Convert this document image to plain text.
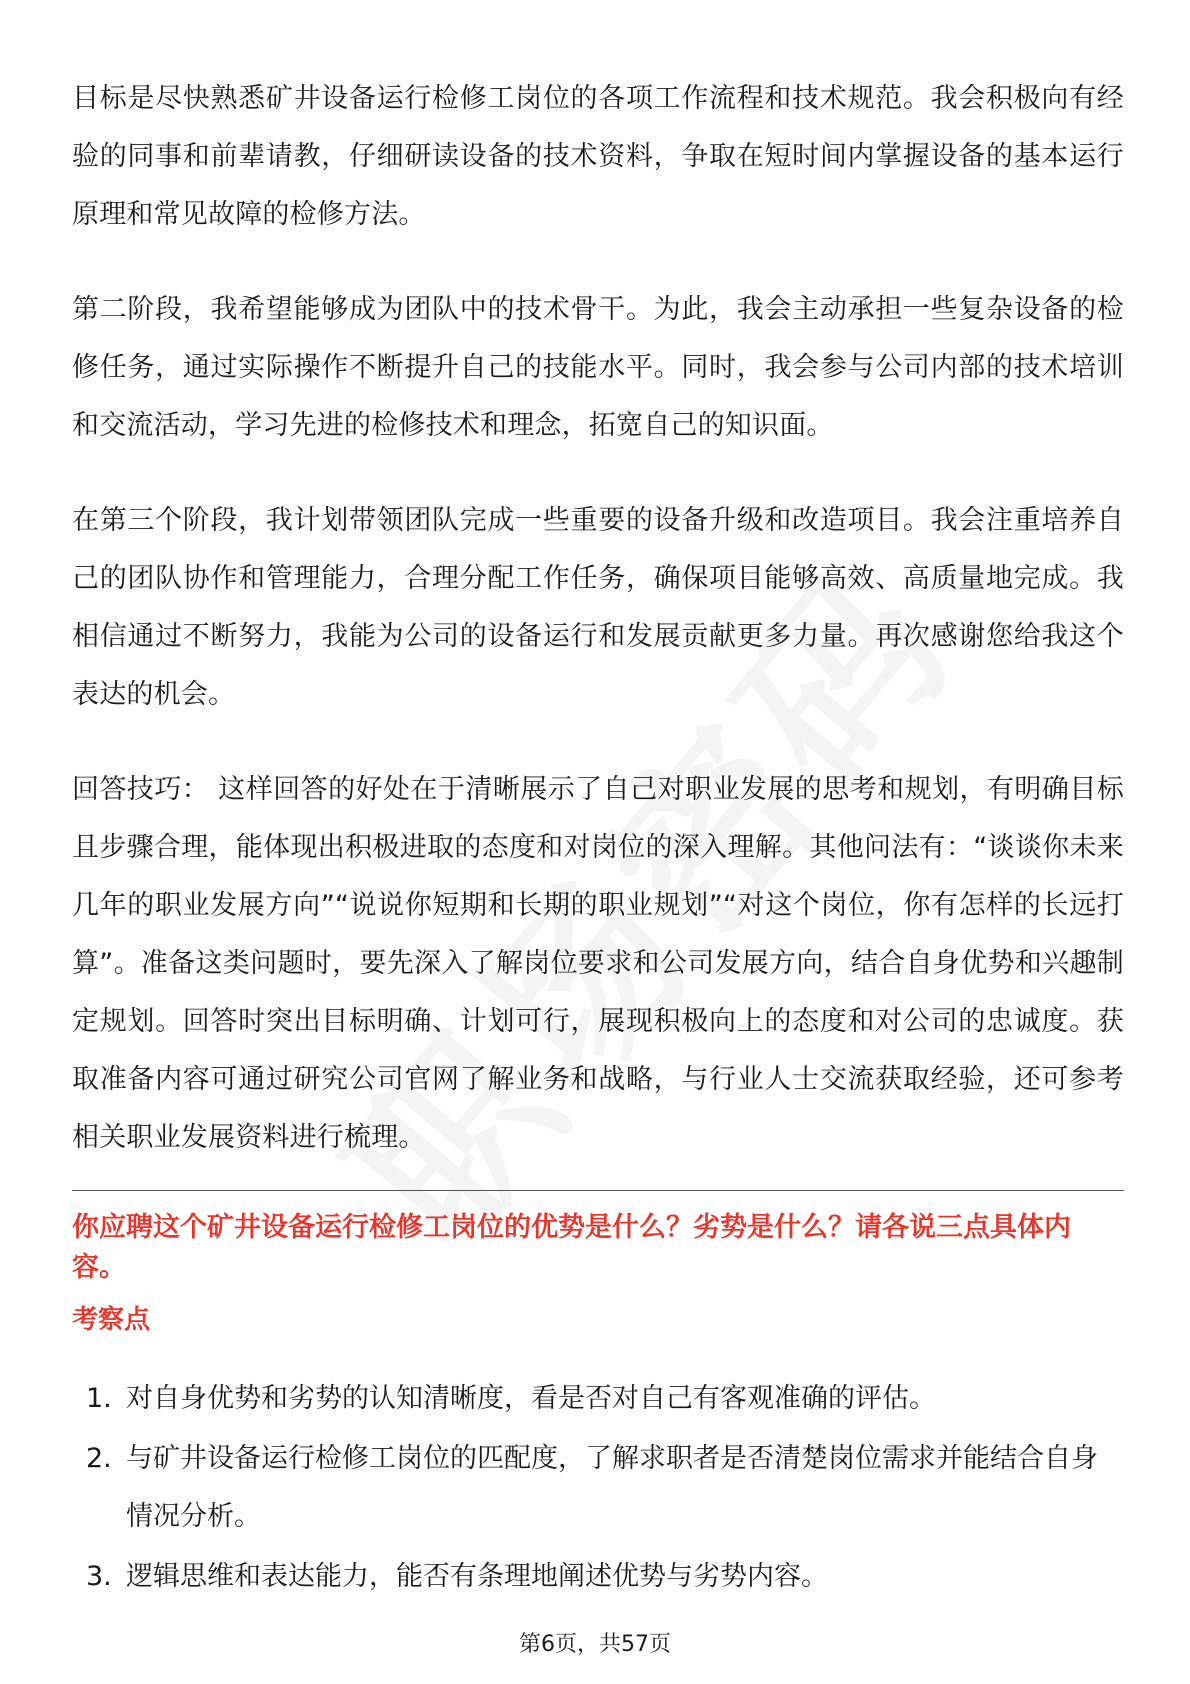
目标是尽快熟悉矿井设备运行检修工岗位的各项工作流程和技术规范。我会积极向有经验的同事和前辈请教，仔细研读设备的技术资料，争取在短时间内掌握设备的基本运行原理和常见故障的检修方法。

第二阶段，我希望能够成为团队中的技术骨干。为此，我会主动承担一些复杂设备的检修任务，通过实际操作不断提升自己的技能水平。同时，我会参与公司内部的技术培训和交流活动，学习先进的检修技术和理念，拓宽自己的知识面。

在第三个阶段，我计划带领团队完成一些重要的设备升级和改造项目。我会注重培养自己的团队协作和管理能力，合理分配工作任务，确保项目能够高效、高质量地完成。我相信通过不断努力，我能为公司的设备运行和发展贡献更多力量。再次感谢您给我这个表达的机会。

回答技巧： 这样回答的好处在于清晰展示了自己对职业发展的思考和规划，有明确目标且步骤合理，能体现出积极进取的态度和对岗位的深入理解。其他问法有：“谈谈你未来几年的职业发展方向”“说说你短期和长期的职业规划”“对这个岗位，你有怎样的长远打算”。准备这类问题时，要先深入了解岗位要求和公司发展方向，结合自身优势和兴趣制定规划。回答时突出目标明确、计划可行，展现积极向上的态度和对公司的忠诚度。获取准备内容可通过研究公司官网了解业务和战略，与行业人士交流获取经验，还可参考相关职业发展资料进行梳理。

你应聘这个矿井设备运行检修工岗位的优势是什么？劣势是什么？请各说三点具体内容。
考察点
1. 对自身优势和劣势的认知清晰度，看是否对自己有客观准确的评估。
2. 与矿井设备运行检修工岗位的匹配度，了解求职者是否清楚岗位需求并能结合自身情况分析。
3. 逻辑思维和表达能力，能否有条理地阐述优势与劣势内容。
第6页，共57页
